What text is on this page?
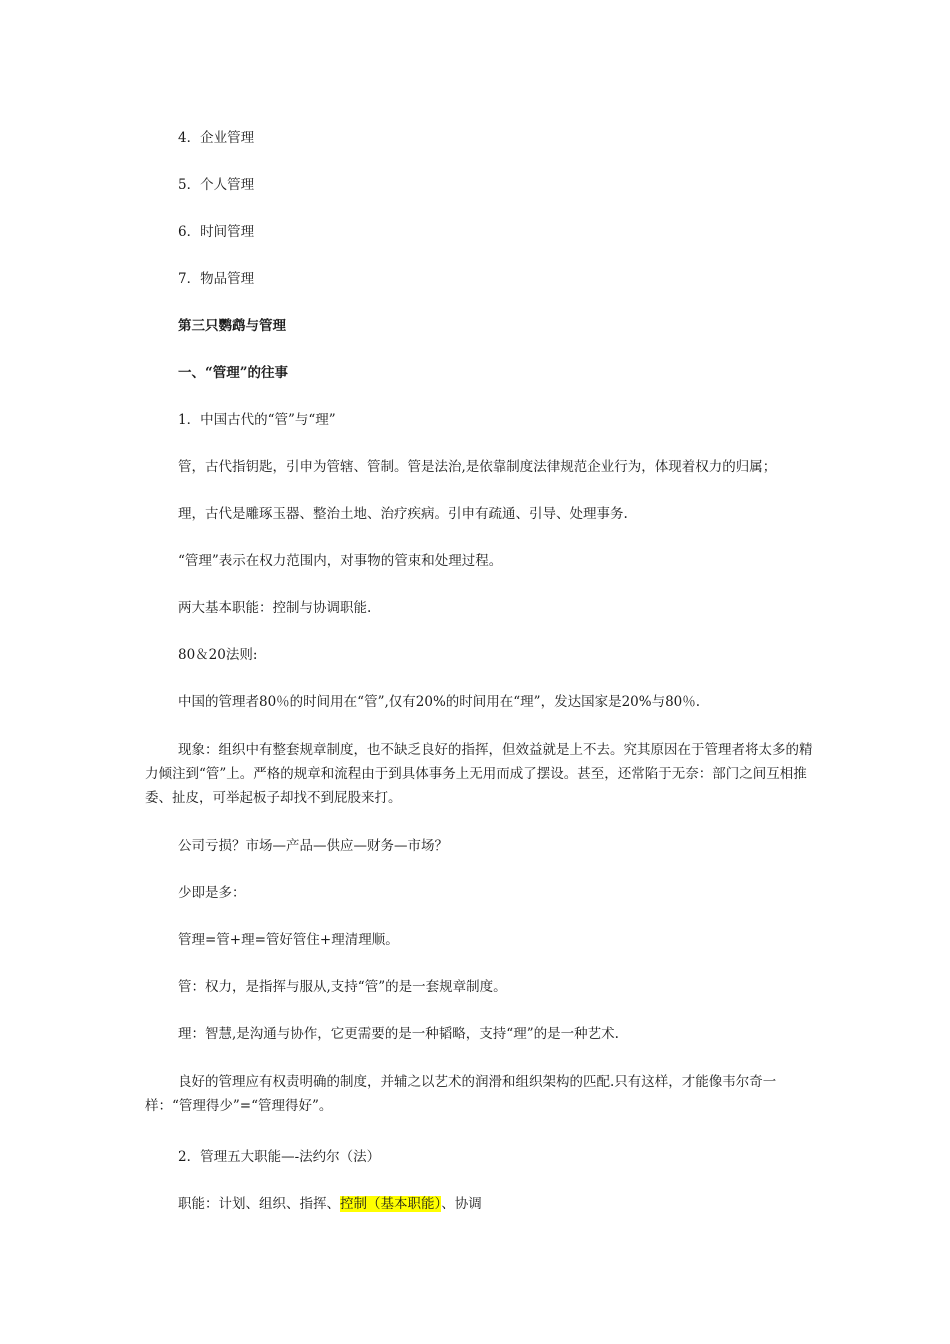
4．企业管理
5．个人管理
6．时间管理
7．物品管理
第三只鹦鹉与管理
一、“管理”的往事
1．中国古代的“管”与“理”
管，古代指钥匙，引申为管辖、管制。管是法治,是依靠制度法律规范企业行为，体现着权力的归属；
理，古代是雕琢玉器、整治土地、治疗疾病。引申有疏通、引导、处理事务.
“管理”表示在权力范围内，对事物的管束和处理过程。
两大基本职能：控制与协调职能.
80＆20法则:
中国的管理者80％的时间用在“管”,仅有20%的时间用在“理”，发达国家是20%与80％.
现象：组织中有整套规章制度，也不缺乏良好的指挥，但效益就是上不去。究其原因在于管理者将太多的精力倾注到“管”上。严格的规章和流程由于到具体事务上无用而成了摆设。甚至，还常陷于无奈：部门之间互相推委、扯皮，可举起板子却找不到屁股来打。
公司亏损？市场—产品—供应—财务—市场？
少即是多：
管理=管+理=管好管住+理清理顺。
管：权力，是指挥与服从,支持“管”的是一套规章制度。
理：智慧,是沟通与协作，它更需要的是一种韬略，支持“理”的是一种艺术.
良好的管理应有权责明确的制度，并辅之以艺术的润滑和组织架构的匹配.只有这样，才能像韦尔奇一样：“管理得少”=“管理得好”。
2．管理五大职能—-法约尔（法）
职能：计划、组织、指挥、控制（基本职能）、协调
